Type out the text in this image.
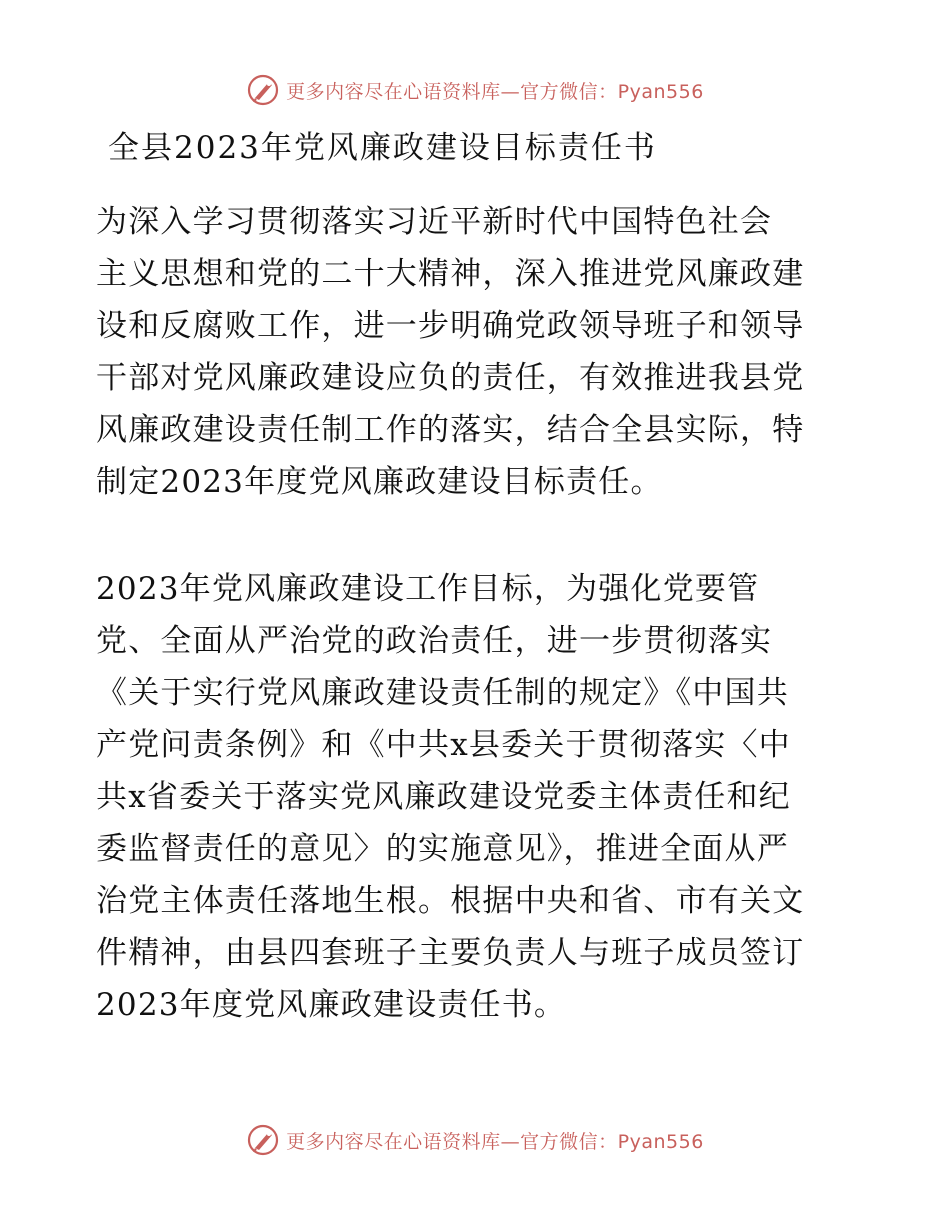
更多内容尽在心语资料库—官方微信：Pyan556
全县2023年党风廉政建设目标责任书

为深入学习贯彻落实习近平新时代中国特色社会
主义思想和党的二十大精神，深入推进党风廉政建
设和反腐败工作，进一步明确党政领导班子和领导
干部对党风廉政建设应负的责任，有效推进我县党
风廉政建设责任制工作的落实，结合全县实际，特
制定2023年度党风廉政建设目标责任。

2023年党风廉政建设工作目标，为强化党要管
党、全面从严治党的政治责任，进一步贯彻落实
《关于实行党风廉政建设责任制的规定》《中国共
产党问责条例》和《中共x县委关于贯彻落实〈中
共x省委关于落实党风廉政建设党委主体责任和纪
委监督责任的意见〉的实施意见》，推进全面从严
治党主体责任落地生根。根据中央和省、市有关文
件精神，由县四套班子主要负责人与班子成员签订
2023年度党风廉政建设责任书。

更多内容尽在心语资料库—官方微信：Pyan556
